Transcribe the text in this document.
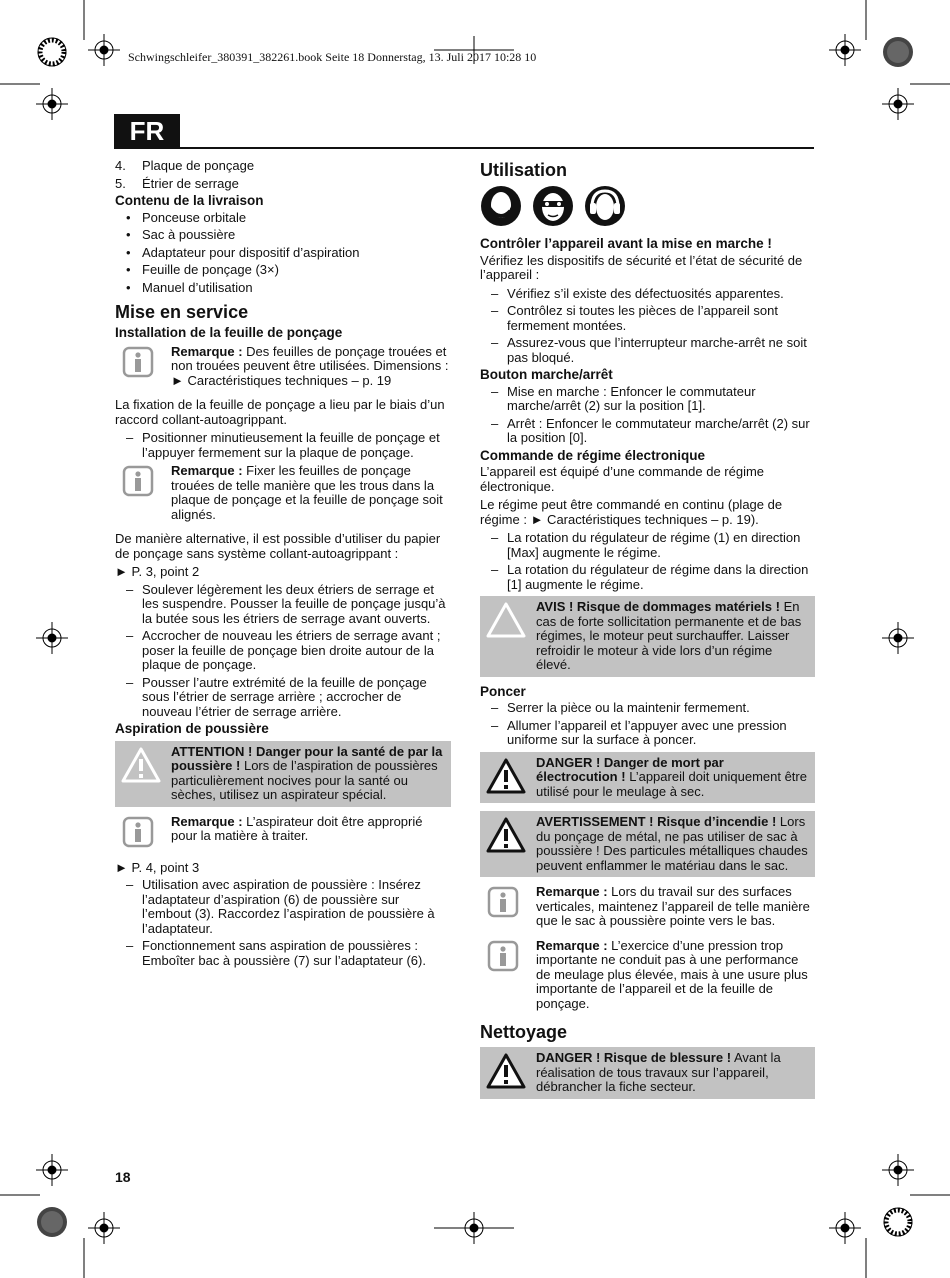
Schwingschleifer_380391_382261.book Seite 18 Donnerstag, 13. Juli 2017 10:28 10
FR
4. Plaque de ponçage
5. Étrier de serrage
Contenu de la livraison
• Ponceuse orbitale
• Sac à poussière
• Adaptateur pour dispositif d’aspiration
• Feuille de ponçage (3×)
• Manuel d’utilisation
Mise en service
Installation de la feuille de ponçage
Remarque : Des feuilles de ponçage trouées et non trouées peuvent être utilisées. Dimensions : ► Caractéristiques techniques – p. 19

La fixation de la feuille de ponçage a lieu par le biais d’un raccord collant-autoagrippant.

– Positionner minutieusement la feuille de ponçage et l’appuyer fermement sur la plaque de ponçage.
Remarque : Fixer les feuilles de ponçage trouées de telle manière que les trous dans la plaque de ponçage et la feuille de ponçage soit alignés.

De manière alternative, il est possible d’utiliser du papier de ponçage sans système collant-autoagrippant :

► P. 3, point 2
– Soulever légèrement les deux étriers de serrage et les suspendre. Pousser la feuille de ponçage jusqu’à la butée sous les étriers de serrage avant ouverts.
– Accrocher de nouveau les étriers de serrage avant ; poser la feuille de ponçage bien droite autour de la plaque de ponçage.
– Pousser l’autre extrémité de la feuille de ponçage sous l’étrier de serrage arrière ; accrocher de nouveau l’étrier de serrage arrière.
Aspiration de poussière
ATTENTION ! Danger pour la santé de par la poussière ! Lors de l’aspiration de poussières particulièrement nocives pour la santé ou sèches, utilisez un aspirateur spécial.
Remarque : L’aspirateur doit être approprié pour la matière à traiter.
► P. 4, point 3
– Utilisation avec aspiration de poussière : Insérez l’adaptateur d’aspiration (6) de poussière sur l’embout (3). Raccordez l’aspiration de poussière à l’adaptateur.
– Fonctionnement sans aspiration de poussières : Emboîter bac à poussière (7) sur l’adaptateur (6).
Utilisation
Contrôler l’appareil avant la mise en marche !

Vérifiez les dispositifs de sécurité et l’état de sécurité de l’appareil :

– Vérifiez s’il existe des défectuosités apparentes.
– Contrôlez si toutes les pièces de l’appareil sont fermement montées.
– Assurez-vous que l’interrupteur marche-arrêt ne soit pas bloqué.
Bouton marche/arrêt
– Mise en marche : Enfoncer le commutateur marche/arrêt (2) sur la position [1].
– Arrêt : Enfoncer le commutateur marche/arrêt (2) sur la position [0].
Commande de régime électronique

L’appareil est équipé d’une commande de régime électronique.

Le régime peut être commandé en continu (plage de régime : ► Caractéristiques techniques – p. 19).

– La rotation du régulateur de régime (1) en direction [Max] augmente le régime.
– La rotation du régulateur de régime dans la direction [1] augmente le régime.
AVIS ! Risque de dommages matériels ! En cas de forte sollicitation permanente et de bas régimes, le moteur peut surchauffer. Laisser refroidir le moteur à vide lors d’un régime élevé.
Poncer
– Serrer la pièce ou la maintenir fermement.
– Allumer l’appareil et l’appuyer avec une pression uniforme sur la surface à poncer.
DANGER ! Danger de mort par électrocution ! L’appareil doit uniquement être utilisé pour le meulage à sec.
AVERTISSEMENT ! Risque d’incendie ! Lors du ponçage de métal, ne pas utiliser de sac à poussière ! Des particules métalliques chaudes peuvent enflammer le matériau dans le sac.
Remarque : Lors du travail sur des surfaces verticales, maintenez l’appareil de telle manière que le sac à poussière pointe vers le bas.
Remarque : L’exercice d’une pression trop importante ne conduit pas à une performance de meulage plus élevée, mais à une usure plus importante de l’appareil et de la feuille de ponçage.
Nettoyage
DANGER ! Risque de blessure ! Avant la réalisation de tous travaux sur l’appareil, débrancher la fiche secteur.
18
